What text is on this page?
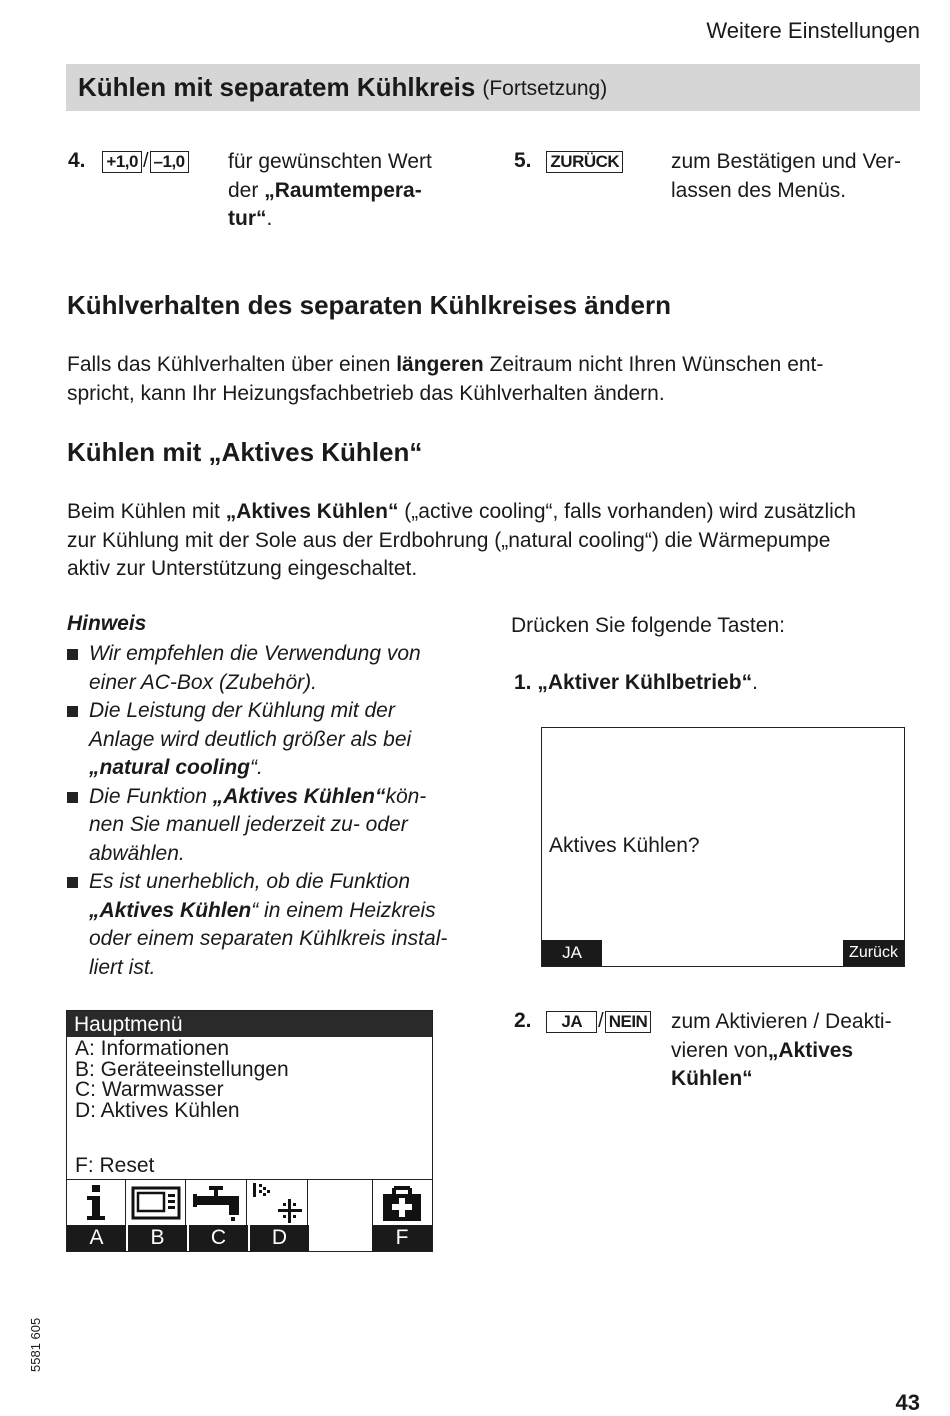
Weitere Einstellungen
Kühlen mit separatem Kühlkreis (Fortsetzung)
4. +1,0 / –1,0 für gewünschten Wert
der „Raumtempera-
tur“.
5. ZURÜCK zum Bestätigen und Ver-
lassen des Menüs.
Kühlverhalten des separaten Kühlkreises ändern
Falls das Kühlverhalten über einen längeren Zeitraum nicht Ihren Wünschen ent-
spricht, kann Ihr Heizungsfachbetrieb das Kühlverhalten ändern.
Kühlen mit „Aktives Kühlen“
Beim Kühlen mit „Aktives Kühlen“ („active cooling“, falls vorhanden) wird zusätzlich
zur Kühlung mit der Sole aus der Erdbohrung („natural cooling“) die Wärmepumpe
aktiv zur Unterstützung eingeschaltet.
Hinweis
Wir empfehlen die Verwendung von
einer AC-Box (Zubehör).
Die Leistung der Kühlung mit der
Anlage wird deutlich größer als bei
„natural cooling“.
Die Funktion „Aktives Kühlen“kön-
nen Sie manuell jederzeit zu- oder
abwählen.
Es ist unerheblich, ob die Funktion
„Aktives Kühlen“ in einem Heizkreis
oder einem separaten Kühlkreis instal-
liert ist.
Drücken Sie folgende Tasten:
1. „Aktiver Kühlbetrieb“.
Aktives Kühlen?
JA	Zurück
2. JA / NEIN zum Aktivieren / Deakti-
vieren von„Aktives
Kühlen“
Hauptmenü
A: Informationen
B: Geräteeinstellungen
C: Warmwasser
D: Aktives Kühlen
F: Reset
A	B	C	D	F
5581 605
43
